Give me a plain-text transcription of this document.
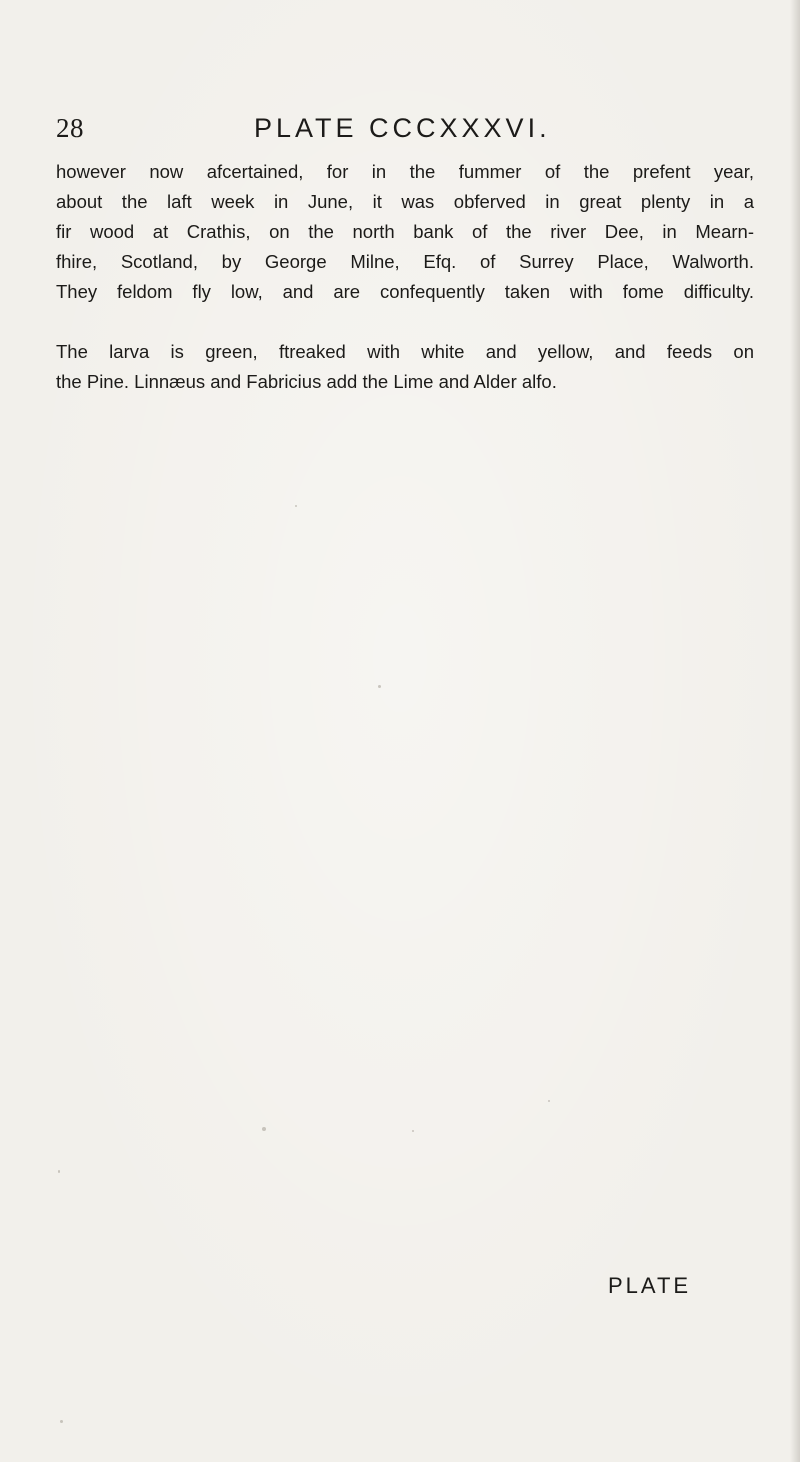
28	PLATE CCCXXXVI.
however now afcertained, for in the fummer of the prefent year,
about the laft week in June, it was obferved in great plenty in a
fir wood at Crathis, on the north bank of the river Dee, in Mearn-
fhire, Scotland, by George Milne, Efq. of Surrey Place, Walworth.
They feldom fly low, and are confequently taken with fome difficulty.
The larva is green, ftreaked with white and yellow, and feeds on
the Pine. Linnæus and Fabricius add the Lime and Alder alfo.
PLATE
